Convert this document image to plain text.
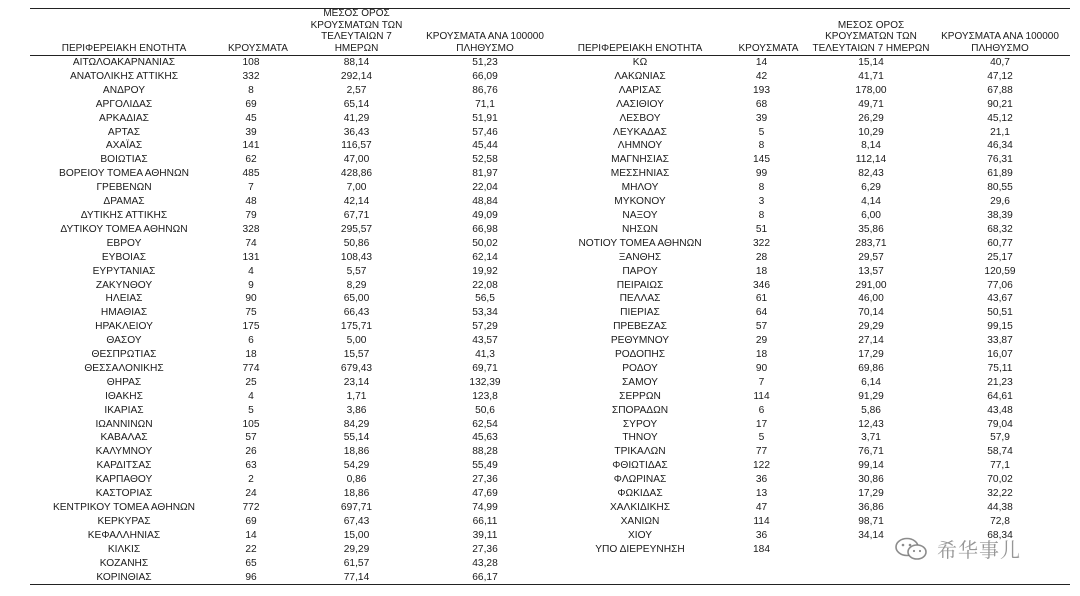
ΠΕΡΙΦΕΡΕΙΑΚΗ ΕΝΟΤΗΤΑ	ΚΡΟΥΣΜΑΤΑ	ΜΕΣΟΣ ΟΡΟΣ
ΚΡΟΥΣΜΑΤΩΝ ΤΩΝ
ΤΕΛΕΥΤΑΙΩΝ 7 ΗΜΕΡΩΝ	ΚΡΟΥΣΜΑΤΑ ΑΝΑ 100000
ΠΛΗΘΥΣΜΟ	ΠΕΡΙΦΕΡΕΙΑΚΗ ΕΝΟΤΗΤΑ	ΚΡΟΥΣΜΑΤΑ	ΜΕΣΟΣ ΟΡΟΣ
ΚΡΟΥΣΜΑΤΩΝ ΤΩΝ
ΤΕΛΕΥΤΑΙΩΝ 7 ΗΜΕΡΩΝ	ΚΡΟΥΣΜΑΤΑ ΑΝΑ 100000
ΠΛΗΘΥΣΜΟ
ΑΙΤΩΛΟΑΚΑΡΝΑΝΙΑΣ	108	88,14	51,23	ΚΩ	14	15,14	40,7
ΑΝΑΤΟΛΙΚΗΣ ΑΤΤΙΚΗΣ	332	292,14	66,09	ΛΑΚΩΝΙΑΣ	42	41,71	47,12
ΑΝΔΡΟΥ	8	2,57	86,76	ΛΑΡΙΣΑΣ	193	178,00	67,88
ΑΡΓΟΛΙΔΑΣ	69	65,14	71,1	ΛΑΣΙΘΙΟΥ	68	49,71	90,21
ΑΡΚΑΔΙΑΣ	45	41,29	51,91	ΛΕΣΒΟΥ	39	26,29	45,12
ΑΡΤΑΣ	39	36,43	57,46	ΛΕΥΚΑΔΑΣ	5	10,29	21,1
ΑΧΑΪΑΣ	141	116,57	45,44	ΛΗΜΝΟΥ	8	8,14	46,34
ΒΟΙΩΤΙΑΣ	62	47,00	52,58	ΜΑΓΝΗΣΙΑΣ	145	112,14	76,31
ΒΟΡΕΙΟΥ ΤΟΜΕΑ ΑΘΗΝΩΝ	485	428,86	81,97	ΜΕΣΣΗΝΙΑΣ	99	82,43	61,89
ΓΡΕΒΕΝΩΝ	7	7,00	22,04	ΜΗΛΟΥ	8	6,29	80,55
ΔΡΑΜΑΣ	48	42,14	48,84	ΜΥΚΟΝΟΥ	3	4,14	29,6
ΔΥΤΙΚΗΣ ΑΤΤΙΚΗΣ	79	67,71	49,09	ΝΑΞΟΥ	8	6,00	38,39
ΔΥΤΙΚΟΥ ΤΟΜΕΑ ΑΘΗΝΩΝ	328	295,57	66,98	ΝΗΣΩΝ	51	35,86	68,32
ΕΒΡΟΥ	74	50,86	50,02	ΝΟΤΙΟΥ ΤΟΜΕΑ ΑΘΗΝΩΝ	322	283,71	60,77
ΕΥΒΟΙΑΣ	131	108,43	62,14	ΞΑΝΘΗΣ	28	29,57	25,17
ΕΥΡΥΤΑΝΙΑΣ	4	5,57	19,92	ΠΑΡΟΥ	18	13,57	120,59
ΖΑΚΥΝΘΟΥ	9	8,29	22,08	ΠΕΙΡΑΙΩΣ	346	291,00	77,06
ΗΛΕΙΑΣ	90	65,00	56,5	ΠΕΛΛΑΣ	61	46,00	43,67
ΗΜΑΘΙΑΣ	75	66,43	53,34	ΠΙΕΡΙΑΣ	64	70,14	50,51
ΗΡΑΚΛΕΙΟΥ	175	175,71	57,29	ΠΡΕΒΕΖΑΣ	57	29,29	99,15
ΘΑΣΟΥ	6	5,00	43,57	ΡΕΘΥΜΝΟΥ	29	27,14	33,87
ΘΕΣΠΡΩΤΙΑΣ	18	15,57	41,3	ΡΟΔΟΠΗΣ	18	17,29	16,07
ΘΕΣΣΑΛΟΝΙΚΗΣ	774	679,43	69,71	ΡΟΔΟΥ	90	69,86	75,11
ΘΗΡΑΣ	25	23,14	132,39	ΣΑΜΟΥ	7	6,14	21,23
ΙΘΑΚΗΣ	4	1,71	123,8	ΣΕΡΡΩΝ	114	91,29	64,61
ΙΚΑΡΙΑΣ	5	3,86	50,6	ΣΠΟΡΑΔΩΝ	6	5,86	43,48
ΙΩΑΝΝΙΝΩΝ	105	84,29	62,54	ΣΥΡΟΥ	17	12,43	79,04
ΚΑΒΑΛΑΣ	57	55,14	45,63	ΤΗΝΟΥ	5	3,71	57,9
ΚΑΛΥΜΝΟΥ	26	18,86	88,28	ΤΡΙΚΑΛΩΝ	77	76,71	58,74
ΚΑΡΔΙΤΣΑΣ	63	54,29	55,49	ΦΘΙΩΤΙΔΑΣ	122	99,14	77,1
ΚΑΡΠΑΘΟΥ	2	0,86	27,36	ΦΛΩΡΙΝΑΣ	36	30,86	70,02
ΚΑΣΤΟΡΙΑΣ	24	18,86	47,69	ΦΩΚΙΔΑΣ	13	17,29	32,22
ΚΕΝΤΡΙΚΟΥ ΤΟΜΕΑ ΑΘΗΝΩΝ	772	697,71	74,99	ΧΑΛΚΙΔΙΚΗΣ	47	36,86	44,38
ΚΕΡΚΥΡΑΣ	69	67,43	66,11	ΧΑΝΙΩΝ	114	98,71	72,8
ΚΕΦΑΛΛΗΝΙΑΣ	14	15,00	39,11	ΧΙΟΥ	36	34,14	68,34
ΚΙΛΚΙΣ	22	29,29	27,36	ΥΠΟ ΔΙΕΡΕΥΝΗΣΗ	184		
ΚΟΖΑΝΗΣ	65	61,57	43,28				
ΚΟΡΙΝΘΙΑΣ	96	77,14	66,17				
希华事儿
